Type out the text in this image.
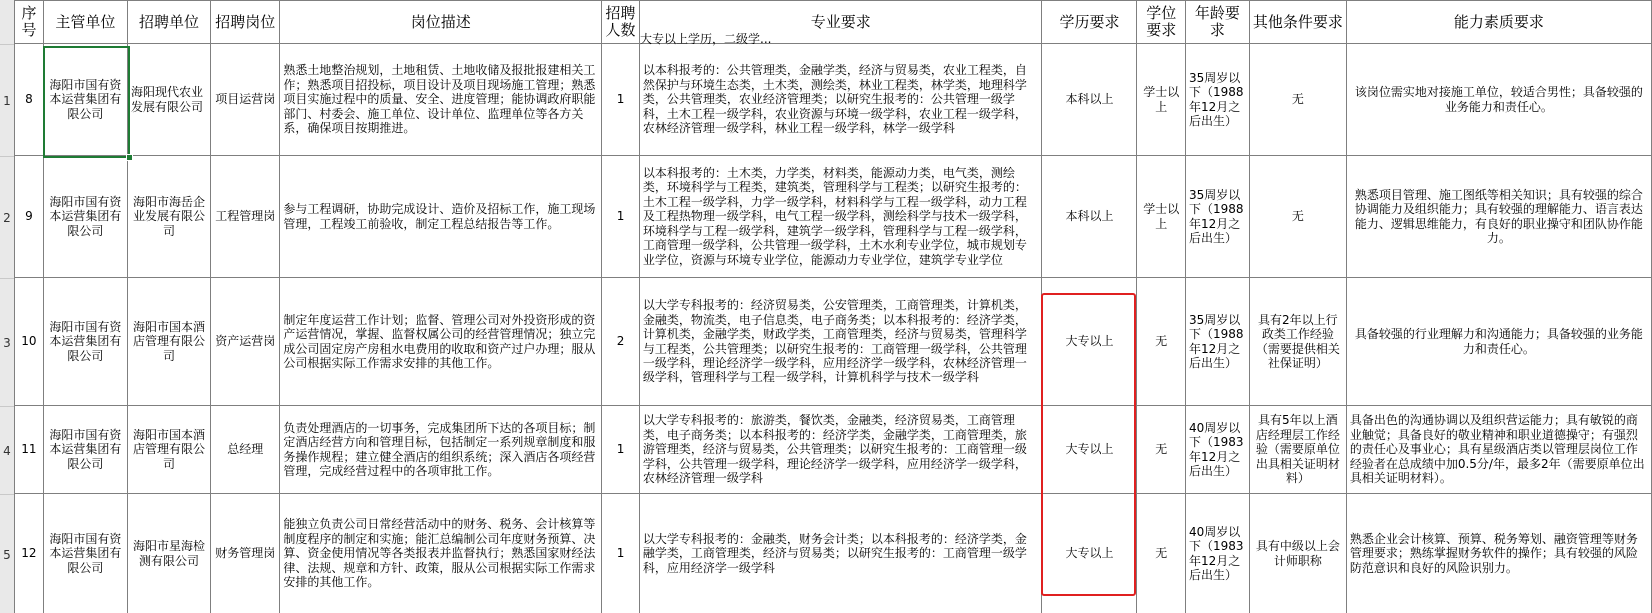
1
2
3
4
5
序号	主管单位	招聘单位	招聘岗位	岗位描述	招聘人数	专业要求	学历要求	学位要求	年龄要求	其他条件要求	能力素质要求
8	海阳市国有资本运营集团有限公司	海阳现代农业发展有限公司	项目运营岗	熟悉土地整治规划，土地租赁、土地收储及报批报建相关工作；熟悉项目招投标，项目设计及项目现场施工管理；熟悉项目实施过程中的质量、安全、进度管理；能协调政府职能部门、村委会、施工单位、设计单位、监理单位等各方关系，确保项目按期推进。	1	以本科报考的：公共管理类，金融学类，经济与贸易类，农业工程类，自然保护与环境生态类，土木类，测绘类，林业工程类，林学类，地理科学类，公共管理类，农业经济管理类；以研究生报考的：公共管理一级学科，土木工程一级学科，农业资源与环境一级学科，农业工程一级学科，农林经济管理一级学科，林业工程一级学科，林学一级学科	本科以上	学士以上	35周岁以下（1988年12月之后出生）	无	该岗位需实地对接施工单位，较适合男性；具备较强的业务能力和责任心。
9	海阳市国有资本运营集团有限公司	海阳市海岳企业发展有限公司	工程管理岗	参与工程调研，协助完成设计、造价及招标工作，施工现场管理，工程竣工前验收，制定工程总结报告等工作。	1	以本科报考的：土木类，力学类，材料类，能源动力类，电气类，测绘类，环境科学与工程类，建筑类，管理科学与工程类；以研究生报考的：土木工程一级学科，力学一级学科，材料科学与工程一级学科，动力工程及工程热物理一级学科，电气工程一级学科，测绘科学与技术一级学科，环境科学与工程一级学科，建筑学一级学科，管理科学与工程一级学科，工商管理一级学科，公共管理一级学科，土木水利专业学位，城市规划专业学位，资源与环境专业学位，能源动力专业学位，建筑学专业学位	本科以上	学士以上	35周岁以下（1988年12月之后出生）	无	熟悉项目管理、施工图纸等相关知识；具有较强的综合协调能力及组织能力；具有较强的理解能力、语言表达能力、逻辑思维能力，有良好的职业操守和团队协作能力。
10	海阳市国有资本运营集团有限公司	海阳市国本酒店管理有限公司	资产运营岗	制定年度运营工作计划；监督、管理公司对外投资形成的资产运营情况，掌握、监督权属公司的经营管理情况；独立完成公司固定房产房租水电费用的收取和资产过户办理；服从公司根据实际工作需求安排的其他工作。	2	以大学专科报考的：经济贸易类，公安管理类，工商管理类，计算机类，金融类，物流类，电子信息类，电子商务类；以本科报考的：经济学类，计算机类，金融学类，财政学类，工商管理类，经济与贸易类，管理科学与工程类，公共管理类；以研究生报考的：工商管理一级学科，公共管理一级学科，理论经济学一级学科，应用经济学一级学科，农林经济管理一级学科，管理科学与工程一级学科，计算机科学与技术一级学科	大专以上	无	35周岁以下（1988年12月之后出生）	具有2年以上行政类工作经验（需要提供相关社保证明）	具备较强的行业理解力和沟通能力；具备较强的业务能力和责任心。
11	海阳市国有资本运营集团有限公司	海阳市国本酒店管理有限公司	总经理	负责处理酒店的一切事务，完成集团所下达的各项目标；制定酒店经营方向和管理目标，包括制定一系列规章制度和服务操作规程；建立健全酒店的组织系统；深入酒店各项经营管理，完成经营过程中的各项审批工作。	1	以大学专科报考的：旅游类，餐饮类，金融类，经济贸易类，工商管理类，电子商务类；以本科报考的：经济学类，金融学类，工商管理类，旅游管理类，经济与贸易类，公共管理类；以研究生报考的：工商管理一级学科，公共管理一级学科，理论经济学一级学科，应用经济学一级学科，农林经济管理一级学科	大专以上	无	40周岁以下（1983年12月之后出生）	具有5年以上酒店经理层工作经验（需要原单位出具相关证明材料）	具备出色的沟通协调以及组织营运能力；具有敏锐的商业触觉；具备良好的敬业精神和职业道德操守；有强烈的责任心及事业心；具有星级酒店类以管理层岗位工作经验者在总成绩中加0.5分/年，最多2年（需要原单位出具相关证明材料）。
12	海阳市国有资本运营集团有限公司	海阳市星海检测有限公司	财务管理岗	能独立负责公司日常经营活动中的财务、税务、会计核算等制度程序的制定和实施；能汇总编制公司年度财务预算、决算、资金使用情况等各类报表并监督执行；熟悉国家财经法律、法规、规章和方针、政策，服从公司根据实际工作需求安排的其他工作。	1	以大学专科报考的：金融类，财务会计类；以本科报考的：经济学类，金融学类，工商管理类，经济与贸易类；以研究生报考的：工商管理一级学科，应用经济学一级学科	大专以上	无	40周岁以下（1983年12月之后出生）	具有中级以上会计师职称	熟悉企业会计核算、预算、税务筹划、融资管理等财务管理要求；熟练掌握财务软件的操作；具有较强的风险防范意识和良好的风险识别力。
大专以上学历，二级学...
